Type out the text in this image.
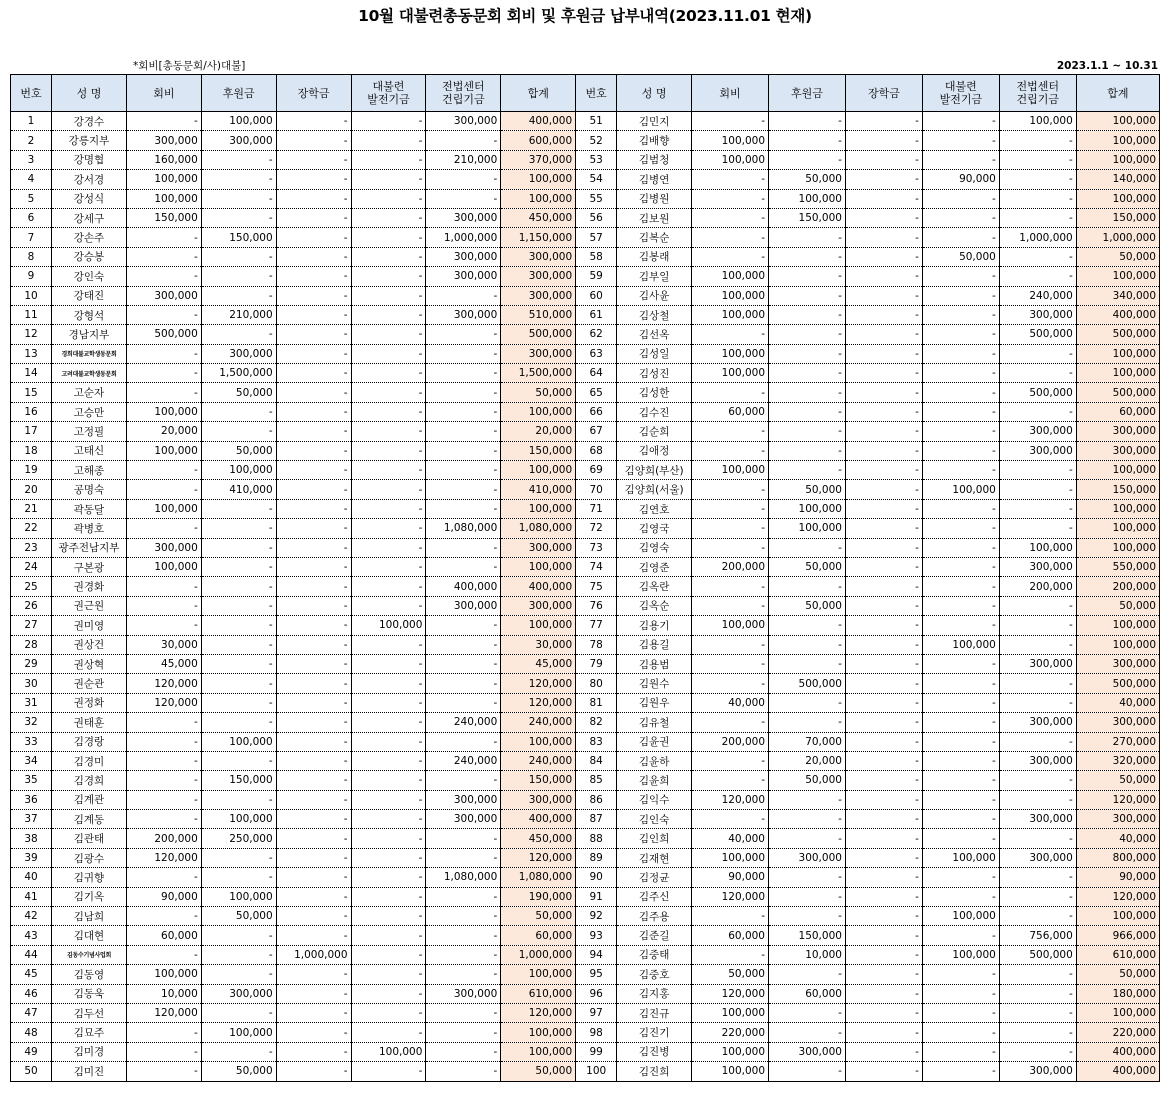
10월 대불련총동문회 회비 및 후원금 납부내역(2023.11.01 현재)
*회비[총동문회/사)대불]	2023.1.1 ~ 10.31
번호	성 명	회비	후원금	장학금	대불련
발전기금	전법센터
건립기금	합계	번호	성 명	회비	후원금	장학금	대불련
발전기금	전법센터
건립기금	합계
1	강경수	-	100,000	-	-	300,000	400,000	51	김민지	-	-	-	-	100,000	100,000
2	강릉지부	300,000	300,000	-	-	-	600,000	52	김배향	100,000	-	-	-	-	100,000
3	강명협	160,000	-	-	-	210,000	370,000	53	김범청	100,000	-	-	-	-	100,000
4	강서경	100,000	-	-	-	-	100,000	54	김병연	-	50,000	-	90,000	-	140,000
5	강성식	100,000	-	-	-	-	100,000	55	김병원	-	100,000	-	-	-	100,000
6	강세구	150,000	-	-	-	300,000	450,000	56	김보원	-	150,000	-	-	-	150,000
7	강손주	-	150,000	-	-	1,000,000	1,150,000	57	김복순	-	-	-	-	1,000,000	1,000,000
8	강승봉	-	-	-	-	300,000	300,000	58	김봉래	-	-	-	50,000	-	50,000
9	강인숙	-	-	-	-	300,000	300,000	59	김부일	100,000	-	-	-	-	100,000
10	강태진	300,000	-	-	-	-	300,000	60	김사윤	100,000	-	-	-	240,000	340,000
11	강형석	-	210,000	-	-	300,000	510,000	61	김상철	100,000	-	-	-	300,000	400,000
12	경남지부	500,000	-	-	-	-	500,000	62	김선옥	-	-	-	-	500,000	500,000
13	경희대불교학생동문회	-	300,000	-	-	-	300,000	63	김성일	100,000	-	-	-	-	100,000
14	고려대불교학생동문회	-	1,500,000	-	-	-	1,500,000	64	김성진	100,000	-	-	-	-	100,000
15	고순자	-	50,000	-	-	-	50,000	65	김성한	-	-	-	-	500,000	500,000
16	고승만	100,000	-	-	-	-	100,000	66	김수진	60,000	-	-	-	-	60,000
17	고정필	20,000	-	-	-	-	20,000	67	김순희	-	-	-	-	300,000	300,000
18	고태신	100,000	50,000	-	-	-	150,000	68	김애정	-	-	-	-	300,000	300,000
19	고해종	-	100,000	-	-	-	100,000	69	김양희(부산)	100,000	-	-	-	-	100,000
20	공명숙	-	410,000	-	-	-	410,000	70	김양희(서울)	-	50,000	-	100,000	-	150,000
21	곽동달	100,000	-	-	-	-	100,000	71	김연호	-	100,000	-	-	-	100,000
22	곽병호	-	-	-	-	1,080,000	1,080,000	72	김영국	-	100,000	-	-	-	100,000
23	광주전남지부	300,000	-	-	-	-	300,000	73	김영숙	-	-	-	-	100,000	100,000
24	구본광	100,000	-	-	-	-	100,000	74	김영준	200,000	50,000	-	-	300,000	550,000
25	권경화	-	-	-	-	400,000	400,000	75	김옥란	-	-	-	-	200,000	200,000
26	권근원	-	-	-	-	300,000	300,000	76	김옥순	-	50,000	-	-	-	50,000
27	권미영	-	-	-	100,000	-	100,000	77	김용기	100,000	-	-	-	-	100,000
28	권상건	30,000	-	-	-	-	30,000	78	김용길	-	-	-	100,000	-	100,000
29	권상혁	45,000	-	-	-	-	45,000	79	김용범	-	-	-	-	300,000	300,000
30	권순관	120,000	-	-	-	-	120,000	80	김원수	-	500,000	-	-	-	500,000
31	권정화	120,000	-	-	-	-	120,000	81	김원우	40,000	-	-	-	-	40,000
32	권태훈	-	-	-	-	240,000	240,000	82	김유철	-	-	-	-	300,000	300,000
33	김경랑	-	100,000	-	-	-	100,000	83	김윤권	200,000	70,000	-	-	-	270,000
34	김경미	-	-	-	-	240,000	240,000	84	김윤하	-	20,000	-	-	300,000	320,000
35	김경희	-	150,000	-	-	-	150,000	85	김윤희	-	50,000	-	-	-	50,000
36	김계관	-	-	-	-	300,000	300,000	86	김익수	120,000	-	-	-	-	120,000
37	김계동	-	100,000	-	-	300,000	400,000	87	김인숙	-	-	-	-	300,000	300,000
38	김관태	200,000	250,000	-	-	-	450,000	88	김인희	40,000	-	-	-	-	40,000
39	김광수	120,000	-	-	-	-	120,000	89	김재현	100,000	300,000	-	100,000	300,000	800,000
40	김귀향	-	-	-	-	1,080,000	1,080,000	90	김정균	90,000	-	-	-	-	90,000
41	김기옥	90,000	100,000	-	-	-	190,000	91	김주신	120,000	-	-	-	-	120,000
42	김남희	-	50,000	-	-	-	50,000	92	김주용	-	-	-	100,000	-	100,000
43	김대현	60,000	-	-	-	-	60,000	93	김준길	60,000	150,000	-	-	756,000	966,000
44	김동수기념사업회	-	-	1,000,000	-	-	1,000,000	94	김중태	-	10,000	-	100,000	500,000	610,000
45	김동영	100,000	-	-	-	-	100,000	95	김중호	50,000	-	-	-	-	50,000
46	김동욱	10,000	300,000	-	-	300,000	610,000	96	김지홍	120,000	60,000	-	-	-	180,000
47	김두선	120,000	-	-	-	-	120,000	97	김진규	100,000	-	-	-	-	100,000
48	김묘주	-	100,000	-	-	-	100,000	98	김진기	220,000	-	-	-	-	220,000
49	김미경	-	-	-	100,000	-	100,000	99	김진병	100,000	300,000	-	-	-	400,000
50	김미진	-	50,000	-	-	-	50,000	100	김진희	100,000	-	-	-	300,000	400,000
